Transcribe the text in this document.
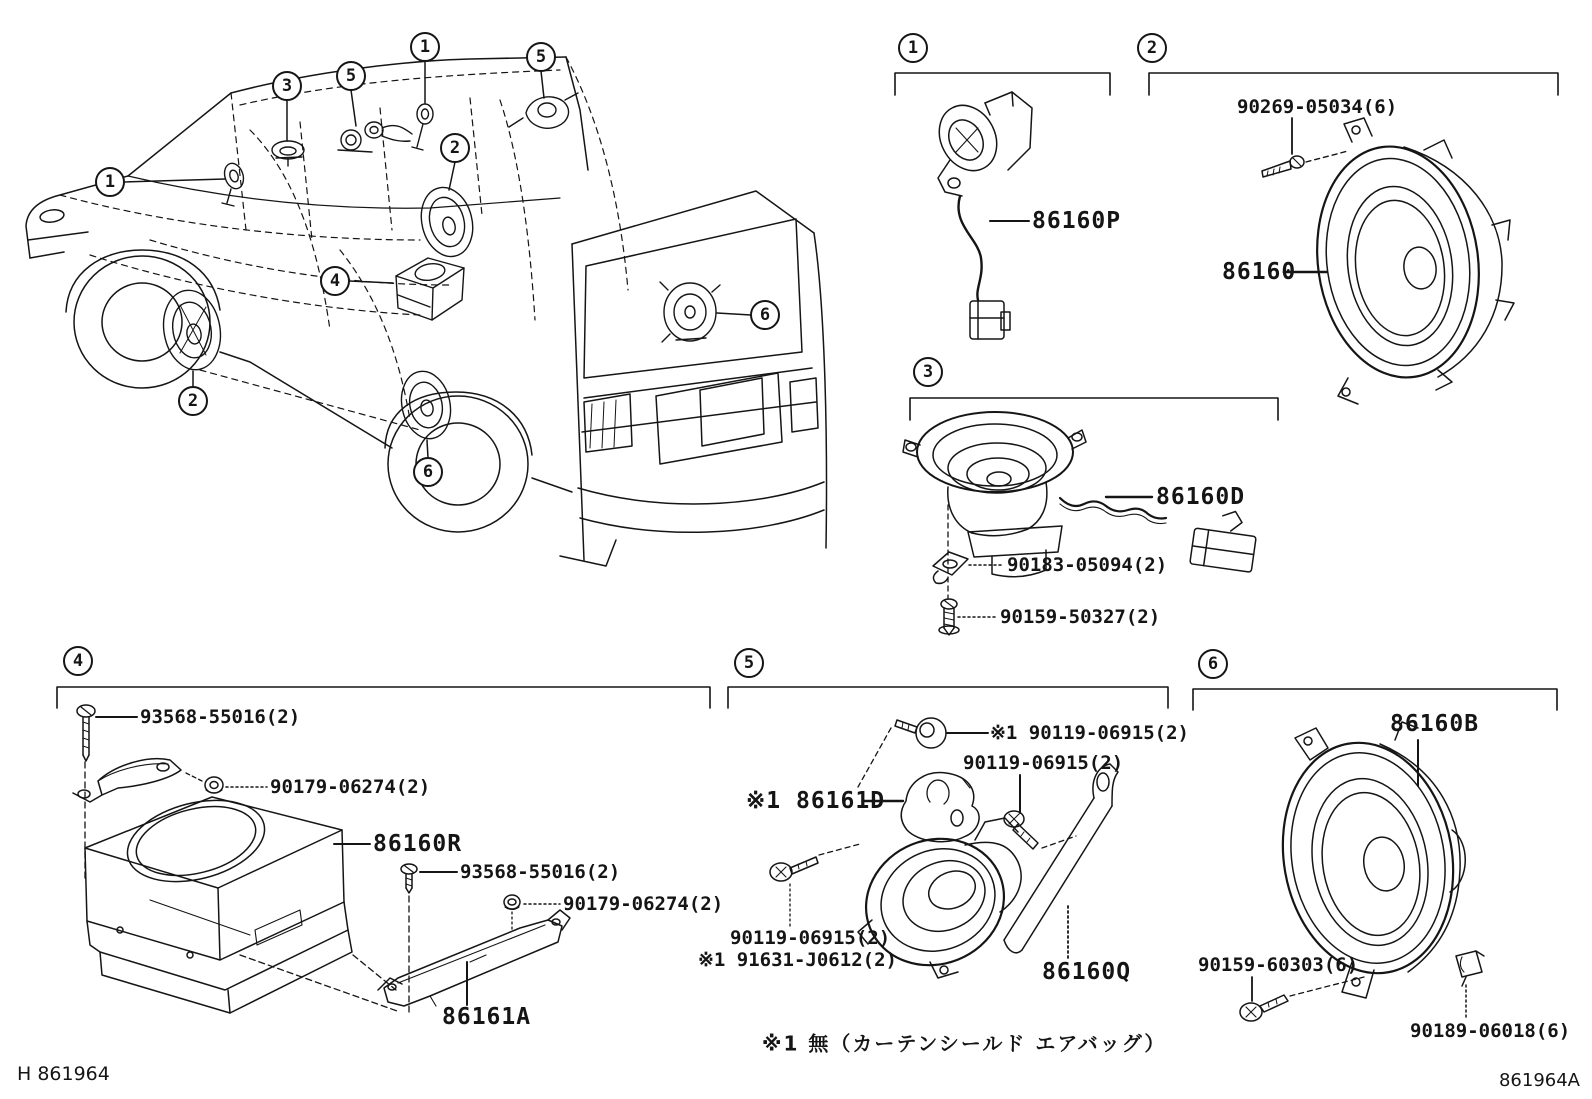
1
3	5
1	5
2
4
2
6
6
1	2
3
4	5	6
86160P
90269-05034(6)
86160
86160D
90183-05094(2)
90159-50327(2)
93568-55016(2)
90179-06274(2)
86160R
93568-55016(2)
90179-06274(2)
86161A
※1 90119-06915(2)
90119-06915(2)
※1 86161D
90119-06915(2)
※1 91631-J0612(2)	86160Q
86160B
90159-60303(6)
90189-06018(6)
※1 無（カーテンシールド エアバッグ）
H 861964	861964A
